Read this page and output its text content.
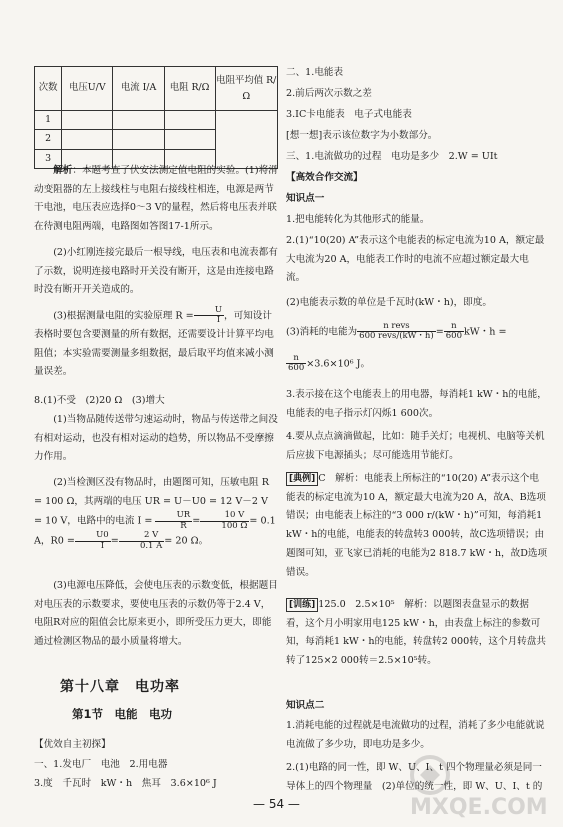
次数	电压U/V	电流 I/A	电阻 R/Ω	电阻平均值 R/Ω
1				
2				
3				
解析：本题考查了伏安法测定值电阻的实验。(1)将滑动变阻器的左上接线柱与电阻右接线柱相连，电源是两节干电池，电压表应选择0～3 V的量程，然后将电压表并联在待测电阻两端，电路图如答图17-1所示。
(2)小红刚连接完最后一根导线，电压表和电流表都有了示数，说明连接电路时开关没有断开，这是由连接电路时没有断开开关造成的。
(3)根据测量电阻的实验原理 $R = \frac{U}{I}$ ，可知设计表格时要包含要测量的所有数据，还需要设计计算平均电阻值；本实验需要测量多组数据，最后取平均值来减小测量误差。
8.(1)不受　(2)20 Ω　(3)增大
(1)当物品随传送带匀速运动时，物品与传送带之间没有相对运动，也没有相对运动的趋势，所以物品不受摩擦力作用。
(2)当检测区没有物品时，由题图可知，压敏电阻 R = 100 Ω，其两端的电压 UR = U－U0 = 12 V－2 V = 10 V，电路中的电流 $I = \frac{UR}{R} = \frac{10 V}{100 \Omega} = 0.1$ A，$R0 = \frac{U0}{I} = \frac{2 V}{0.1 A} = 20$ Ω。
(3)电源电压降低，会使电压表的示数变低，根据题目对电压表的示数要求，要使电压表的示数仍等于2.4 V，电阻R对应的阻值会比原来更小，即所受压力更大，即能通过检测区物品的最小质量将增大。
【优效自主初探】
一、1.发电厂　电池　2.用电器
3.度　千瓦时　kW・h　焦耳　3.6×10⁶ J
第十八章　电功率
第1节　电能　电功
二、1.电能表
2.前后两次示数之差
3.IC卡电能表　电子式电能表
[想一想]表示该位数字为小数部分。
三、1.电流做功的过程　电功是多少　2.W = UIt
【高效合作交流】
知识点一
1.把电能转化为其他形式的能量。
2.(1)“10(20) A”表示这个电能表的标定电流为10 A，额定最大电流为20 A，电能表工作时的电流不应超过额定最大电流。
(2)电能表示数的单位是千瓦时(kW・h)，即度。
(3)消耗的电能为 $\frac{\text{n revs}}{\text{600 revs/(kW・h)}} = \frac{n}{600}$ kW・h =
$\frac{n}{600} \times 3.6\times 10^6$ J。
3.表示接在这个电能表上的用电器，每消耗1 kW・h的电能，电能表的电子指示灯闪烁1 600次。
4.要从点点滴滴做起，比如：随手关灯；电视机、电脑等关机后应拔下电源插头；尽可能选用节能灯。
[典例] C　解析：电能表上所标注的“10(20) A”表示这个电能表的标定电流为10 A，额定最大电流为20 A，故A、B选项错误；由电能表上标注的“3 000 r/(kW・h)”可知，每消耗1 kW・h的电能，电能表的转盘转3 000转，故C选项错误；由题图可知，亚飞家已消耗的电能为2 818.7 kW・h，故D选项错误。
[训练] 125.0　2.5×10⁵　解析：以题图表盘显示的数据看，这个月小明家用电125 kW・h，由表盘上标注的参数可知，每消耗1 kW・h的电能，转盘转2 000转，这个月转盘共转了125×2 000转＝2.5×10⁵转。
知识点二
1.消耗电能的过程就是电流做功的过程，消耗了多少电能就说电流做了多少功，即电功是多少。
2.(1)电路的同一性，即 W、U、I、t 四个物理量必须是同一导体上的四个物理量　(2)单位的统一性，即 W、U、I、t 的
— 54 —	MXQE.COM
